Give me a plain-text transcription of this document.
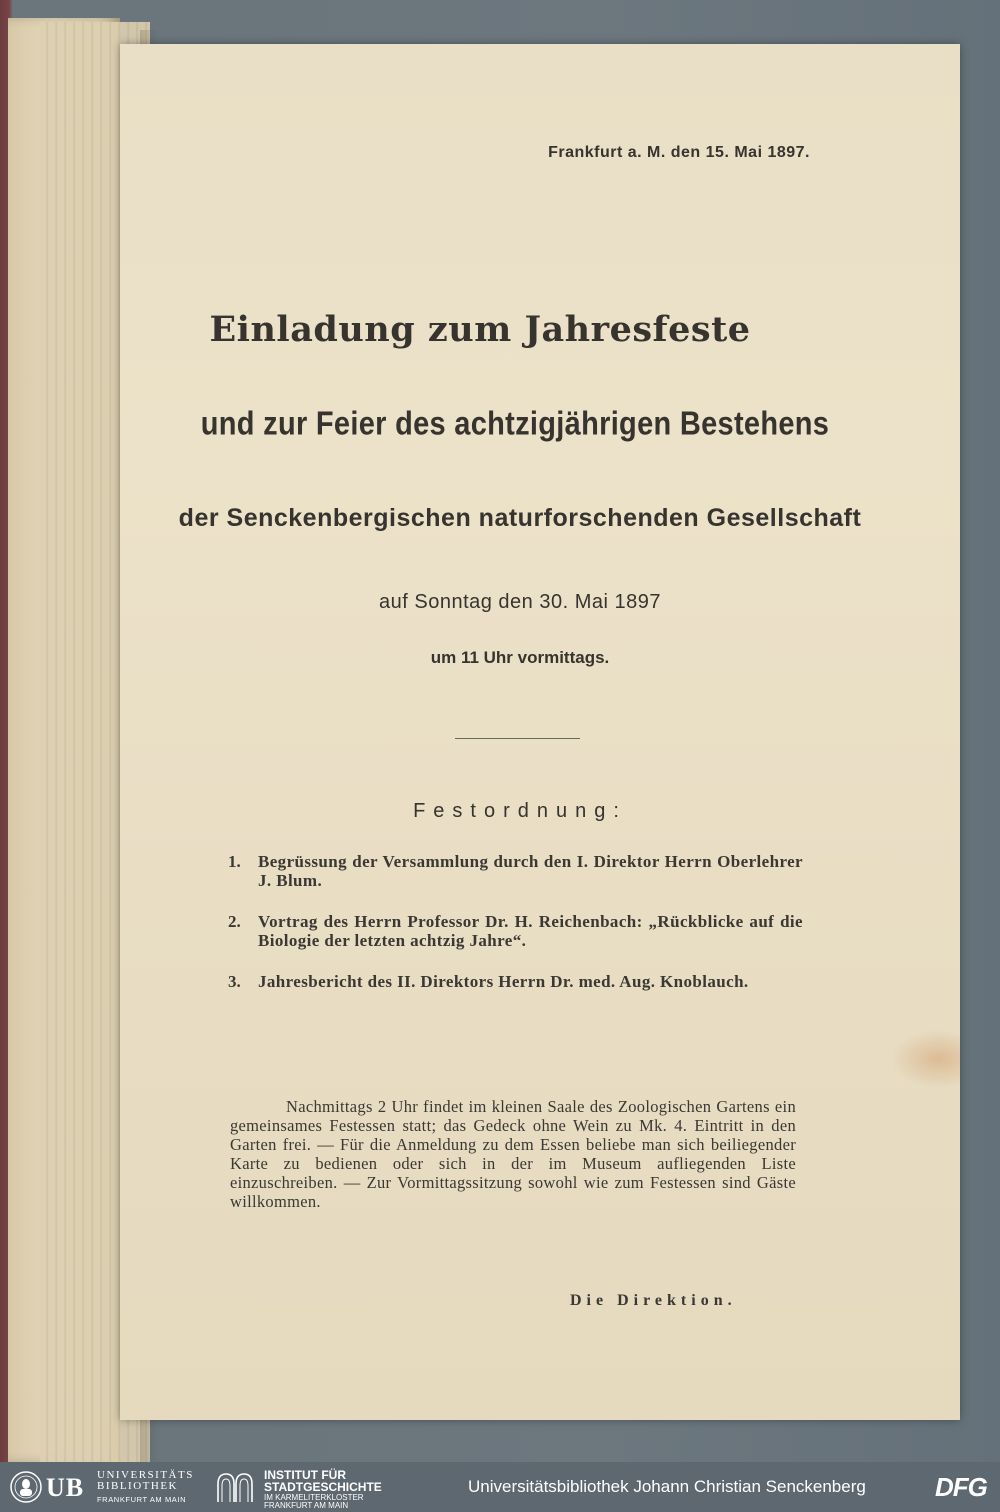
Frankfurt a. M. den 15. Mai 1897.
Einladung zum Jahresfeste
und zur Feier des achtzigjährigen Bestehens
der Senckenbergischen naturforschenden Gesellschaft
auf Sonntag den 30. Mai 1897
um 11 Uhr vormittags.
Festordnung:
1.	Begrüssung der Versammlung durch den I. Direktor Herrn Oberlehrer J. Blum.
2.	Vortrag des Herrn Professor Dr. H. Reichenbach: „Rückblicke auf die Biologie der letzten achtzig Jahre“.
3.	Jahresbericht des II. Direktors Herrn Dr. med. Aug. Knoblauch.
Nachmittags 2 Uhr findet im kleinen Saale des Zoologischen Gartens ein gemeinsames Festessen statt; das Gedeck ohne Wein zu Mk. 4. Eintritt in den Garten frei. — Für die Anmeldung zu dem Essen beliebe man sich beiliegender Karte zu bedienen oder sich in der im Museum aufliegenden Liste einzuschreiben. — Zur Vormittagssitzung sowohl wie zum Festessen sind Gäste willkommen.
Die Direktion.
UB UNIVERSITÄTS
BIBLIOTHEK
FRANKFURT AM MAIN
INSTITUT FÜR
STADTGESCHICHTE
IM KARMELITERKLOSTER
FRANKFURT AM MAIN
Universitätsbibliothek Johann Christian Senckenberg	DFG
